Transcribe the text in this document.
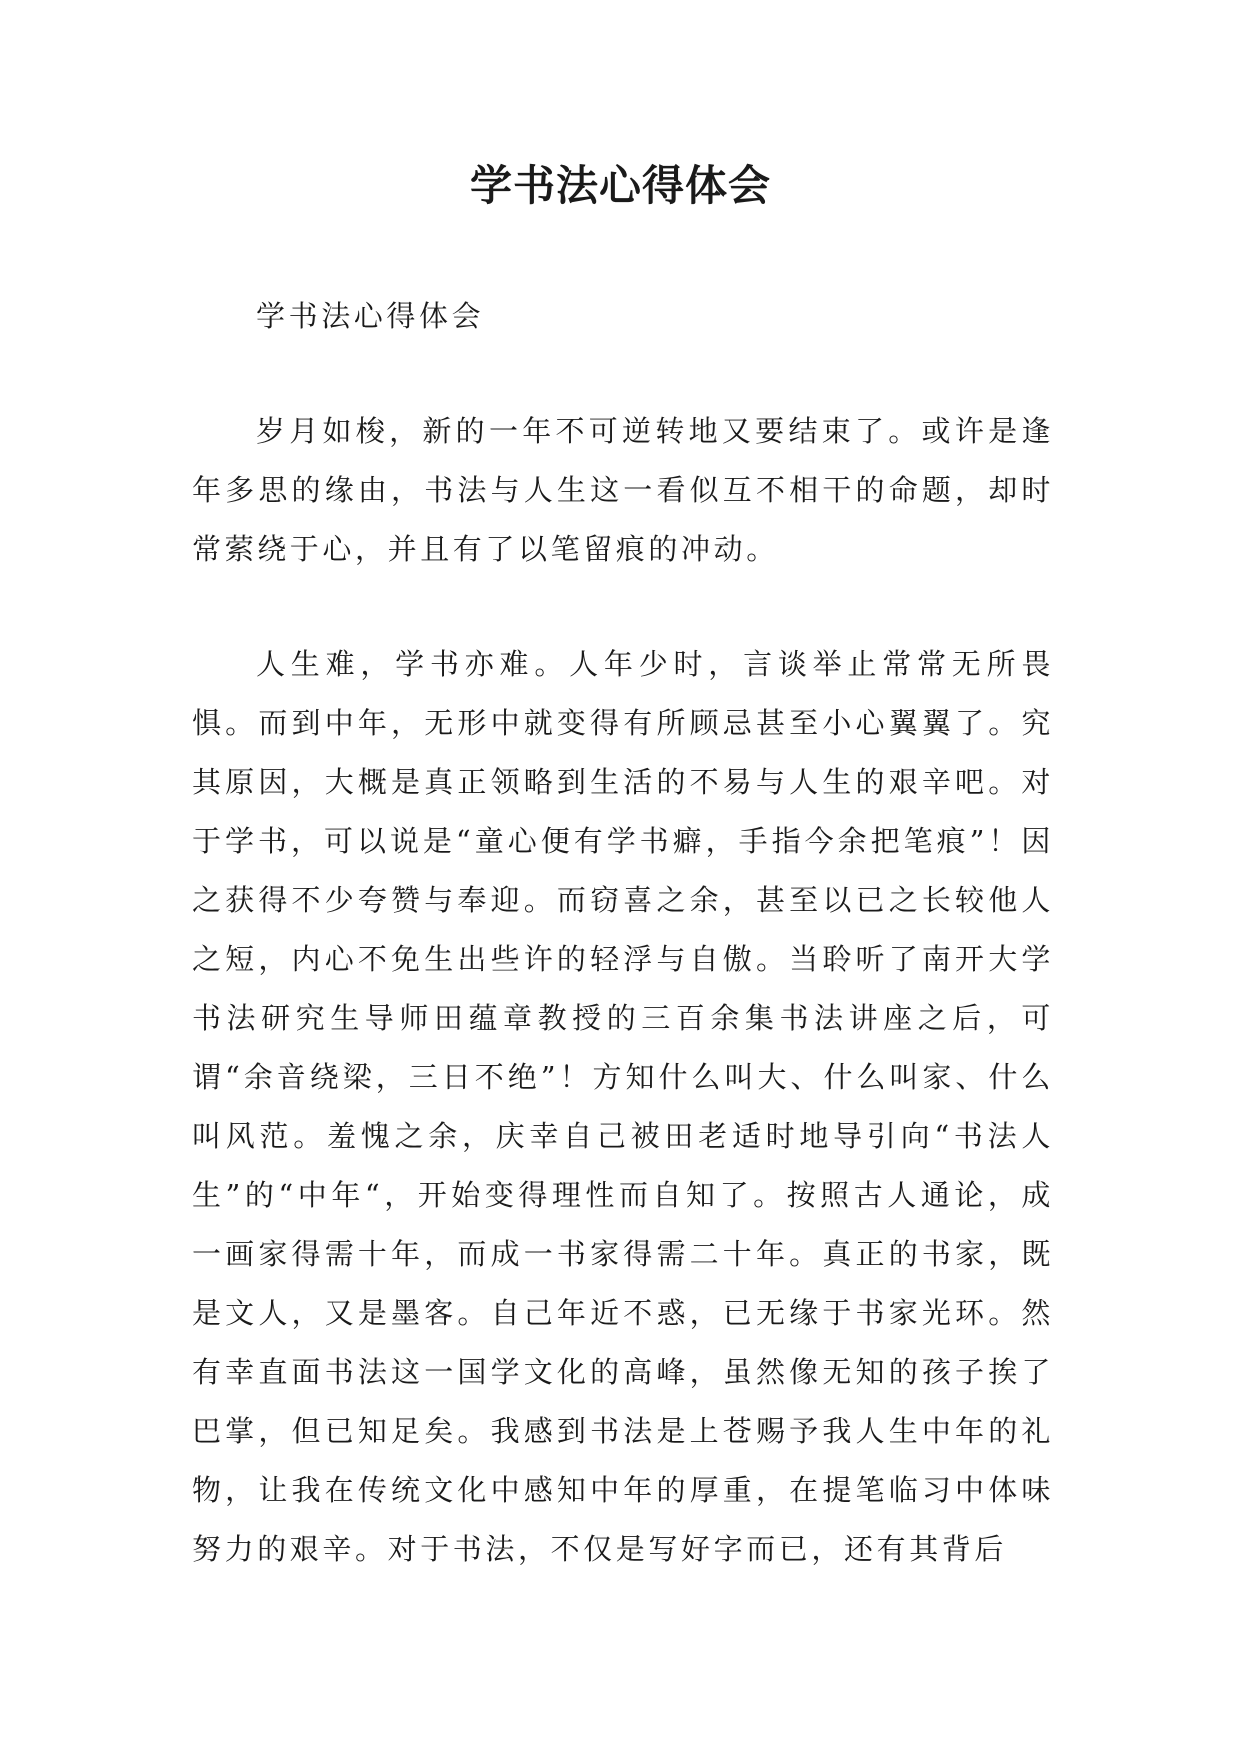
学书法心得体会

学书法心得体会

岁月如梭，新的一年不可逆转地又要结束了。或许是逢年多思的缘由，书法与人生这一看似互不相干的命题，却时常萦绕于心，并且有了以笔留痕的冲动。

人生难，学书亦难。人年少时，言谈举止常常无所畏惧。而到中年，无形中就变得有所顾忌甚至小心翼翼了。究其原因，大概是真正领略到生活的不易与人生的艰辛吧。对于学书，可以说是“童心便有学书癖，手指今余把笔痕”！因之获得不少夸赞与奉迎。而窃喜之余，甚至以已之长较他人之短，内心不免生出些许的轻浮与自傲。当聆听了南开大学书法研究生导师田蕴章教授的三百余集书法讲座之后，可谓“余音绕梁，三日不绝”！方知什么叫大、什么叫家、什么叫风范。羞愧之余，庆幸自己被田老适时地导引向“书法人生”的“中年“，开始变得理性而自知了。按照古人通论，成一画家得需十年，而成一书家得需二十年。真正的书家，既是文人，又是墨客。自己年近不惑，已无缘于书家光环。然有幸直面书法这一国学文化的高峰，虽然像无知的孩子挨了巴掌，但已知足矣。我感到书法是上苍赐予我人生中年的礼物，让我在传统文化中感知中年的厚重，在提笔临习中体味努力的艰辛。对于书法，不仅是写好字而已，还有其背后
